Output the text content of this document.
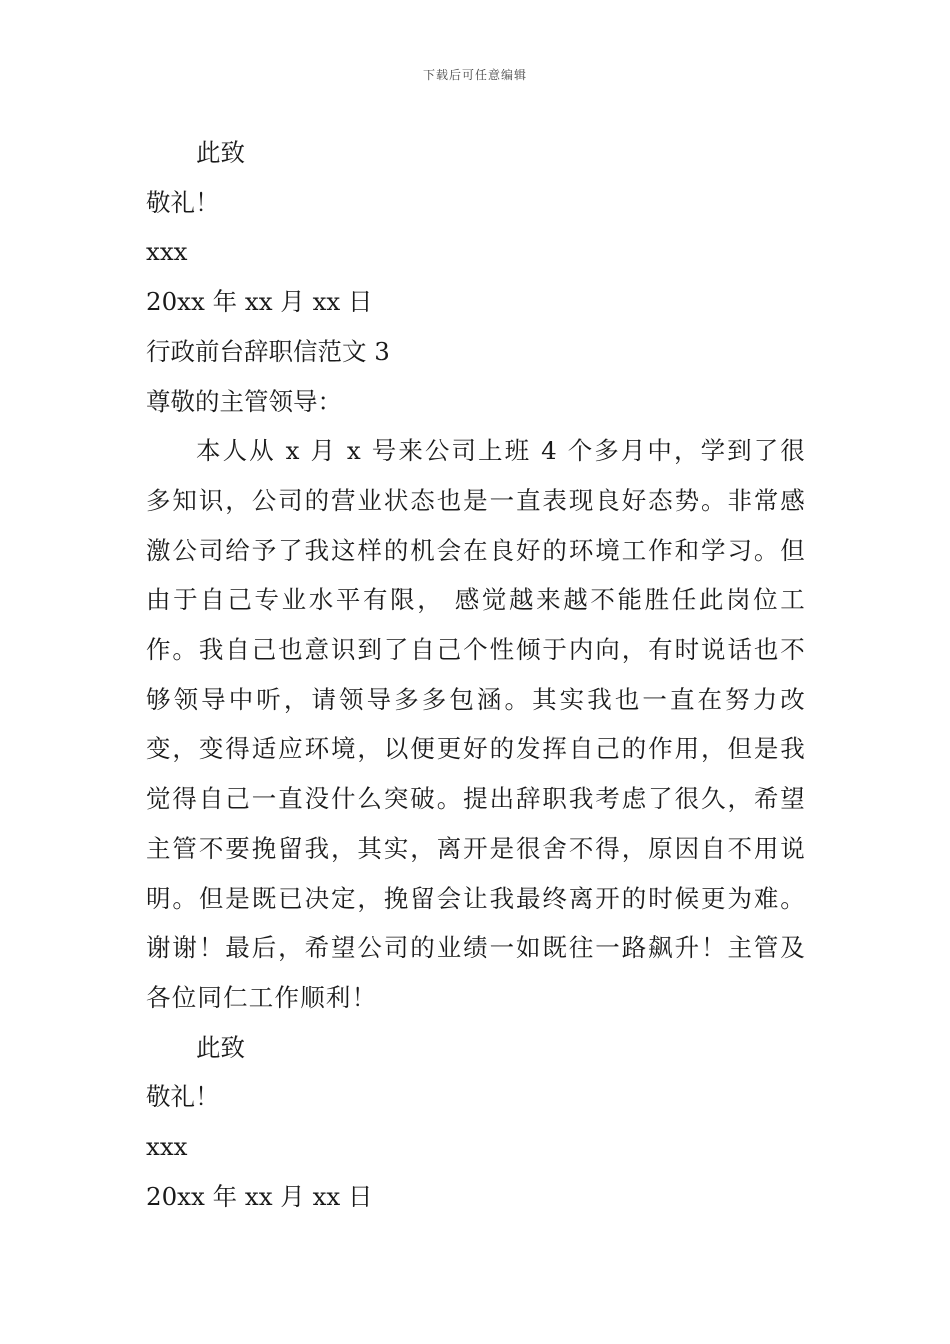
下载后可任意编辑
此致
敬礼！
xxx
20xx 年 xx 月 xx 日
行政前台辞职信范文 3
尊敬的主管领导：
本人从 x 月 x 号来公司上班 4 个多月中，学到了很多知识，公司的营业状态也是一直表现良好态势。非常感激公司给予了我这样的机会在良好的环境工作和学习。但由于自己专业水平有限， 感觉越来越不能胜任此岗位工作。我自己也意识到了自己个性倾于内向，有时说话也不够领导中听，请领导多多包涵。其实我也一直在努力改变，变得适应环境，以便更好的发挥自己的作用，但是我觉得自己一直没什么突破。提出辞职我考虑了很久，希望主管不要挽留我，其实，离开是很舍不得，原因自不用说明。但是既已决定，挽留会让我最终离开的时候更为难。谢谢！最后，希望公司的业绩一如既往一路飙升！主管及各位同仁工作顺利！
此致
敬礼！
xxx
20xx 年 xx 月 xx 日
